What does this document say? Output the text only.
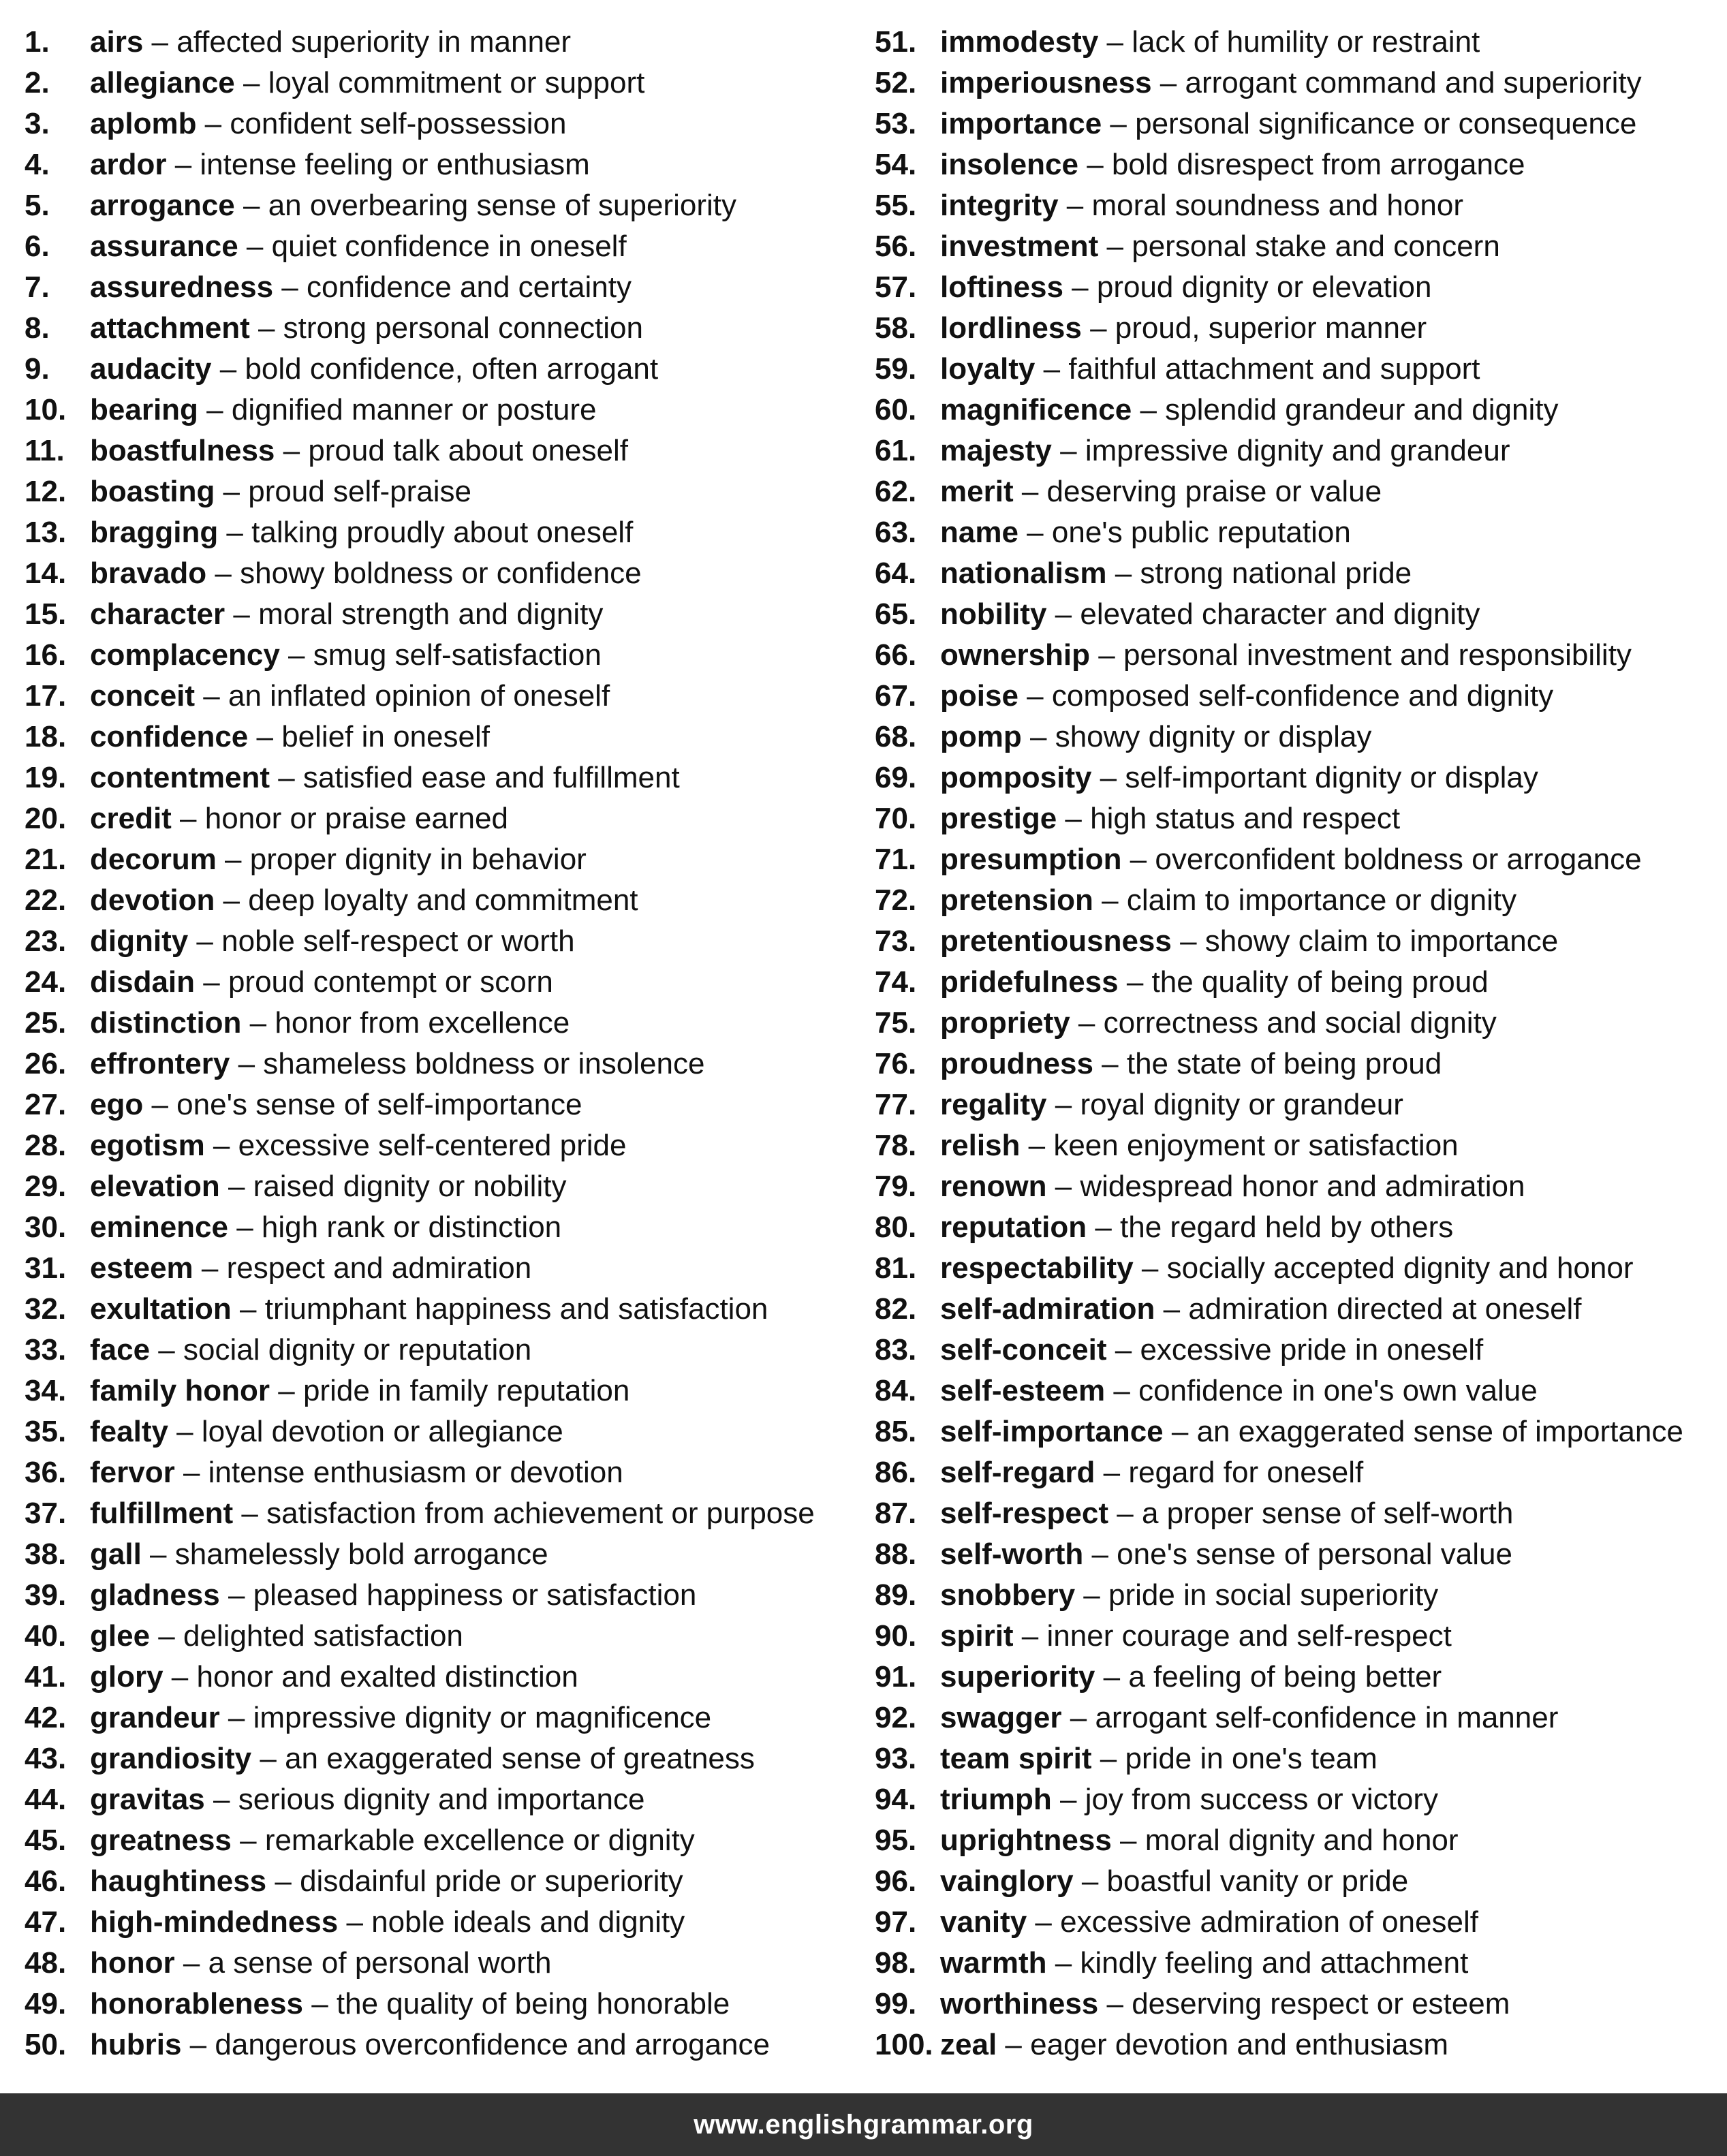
1.	airs – affected superiority in manner
2.	allegiance – loyal commitment or support
3.	aplomb – confident self-possession
4.	ardor – intense feeling or enthusiasm
5.	arrogance – an overbearing sense of superiority
6.	assurance – quiet confidence in oneself
7.	assuredness – confidence and certainty
8.	attachment – strong personal connection
9.	audacity – bold confidence, often arrogant
10. bearing – dignified manner or posture
11. boastfulness – proud talk about oneself
12. boasting – proud self-praise
13. bragging – talking proudly about oneself
14. bravado – showy boldness or confidence
15. character – moral strength and dignity
16. complacency – smug self-satisfaction
17. conceit – an inflated opinion of oneself
18. confidence – belief in oneself
19. contentment – satisfied ease and fulfillment
20. credit – honor or praise earned
21. decorum – proper dignity in behavior
22. devotion – deep loyalty and commitment
23. dignity – noble self-respect or worth
24. disdain – proud contempt or scorn
25. distinction – honor from excellence
26. effrontery – shameless boldness or insolence
27. ego – one's sense of self-importance
28. egotism – excessive self-centered pride
29. elevation – raised dignity or nobility
30. eminence – high rank or distinction
31. esteem – respect and admiration
32. exultation – triumphant happiness and satisfaction
33. face – social dignity or reputation
34. family honor – pride in family reputation
35. fealty – loyal devotion or allegiance
36. fervor – intense enthusiasm or devotion
37. fulfillment – satisfaction from achievement or purpose
38. gall – shamelessly bold arrogance
39. gladness – pleased happiness or satisfaction
40. glee – delighted satisfaction
41. glory – honor and exalted distinction
42. grandeur – impressive dignity or magnificence
43. grandiosity – an exaggerated sense of greatness
44. gravitas – serious dignity and importance
45. greatness – remarkable excellence or dignity
46. haughtiness – disdainful pride or superiority
47. high-mindedness – noble ideals and dignity
48. honor – a sense of personal worth
49. honorableness – the quality of being honorable
50. hubris – dangerous overconfidence and arrogance
51. immodesty – lack of humility or restraint
52. imperiousness – arrogant command and superiority
53. importance – personal significance or consequence
54. insolence – bold disrespect from arrogance
55. integrity – moral soundness and honor
56. investment – personal stake and concern
57. loftiness – proud dignity or elevation
58. lordliness – proud, superior manner
59. loyalty – faithful attachment and support
60. magnificence – splendid grandeur and dignity
61. majesty – impressive dignity and grandeur
62. merit – deserving praise or value
63. name – one's public reputation
64. nationalism – strong national pride
65. nobility – elevated character and dignity
66. ownership – personal investment and responsibility
67. poise – composed self-confidence and dignity
68. pomp – showy dignity or display
69. pomposity – self-important dignity or display
70. prestige – high status and respect
71. presumption – overconfident boldness or arrogance
72. pretension – claim to importance or dignity
73. pretentiousness – showy claim to importance
74. pridefulness – the quality of being proud
75. propriety – correctness and social dignity
76. proudness – the state of being proud
77. regality – royal dignity or grandeur
78. relish – keen enjoyment or satisfaction
79. renown – widespread honor and admiration
80. reputation – the regard held by others
81. respectability – socially accepted dignity and honor
82. self-admiration – admiration directed at oneself
83. self-conceit – excessive pride in oneself
84. self-esteem – confidence in one's own value
85. self-importance – an exaggerated sense of importance
86. self-regard – regard for oneself
87. self-respect – a proper sense of self-worth
88. self-worth – one's sense of personal value
89. snobbery – pride in social superiority
90. spirit – inner courage and self-respect
91. superiority – a feeling of being better
92. swagger – arrogant self-confidence in manner
93. team spirit – pride in one's team
94. triumph – joy from success or victory
95. uprightness – moral dignity and honor
96. vainglory – boastful vanity or pride
97. vanity – excessive admiration of oneself
98. warmth – kindly feeling and attachment
99. worthiness – deserving respect or esteem
100. zeal – eager devotion and enthusiasm
www.englishgrammar.org
